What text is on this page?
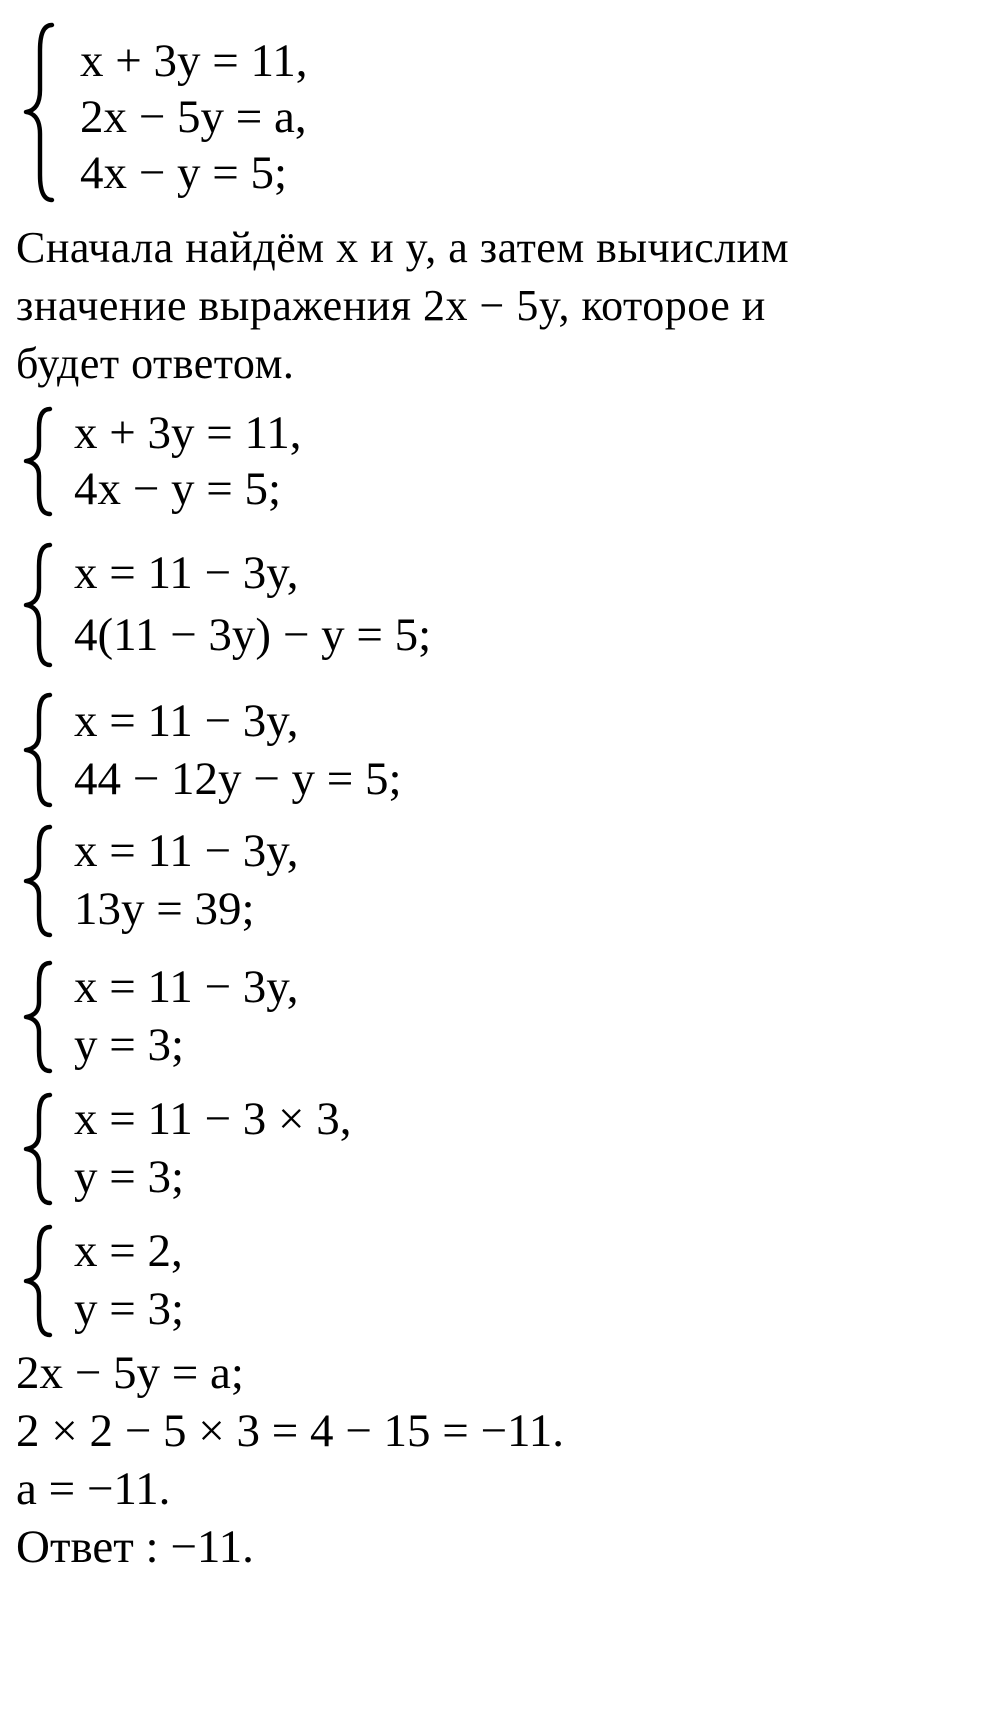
x + 3y = 11,
2x − 5y = a,
4x − y = 5;
Сначала найдём x и y, а затем вычислим
значение выражения 2x − 5y, которое и
будет ответом.
x + 3y = 11,
4x − y = 5;
x = 11 − 3y,
4(11 − 3y) − y = 5;
x = 11 − 3y,
44 − 12y − y = 5;
x = 11 − 3y,
13y = 39;
x = 11 − 3y,
y = 3;
x = 11 − 3 × 3,
y = 3;
x = 2,
y = 3;
2x − 5y = a;
2 × 2 − 5 × 3 = 4 − 15 = −11.
a = −11.
Ответ : −11.
